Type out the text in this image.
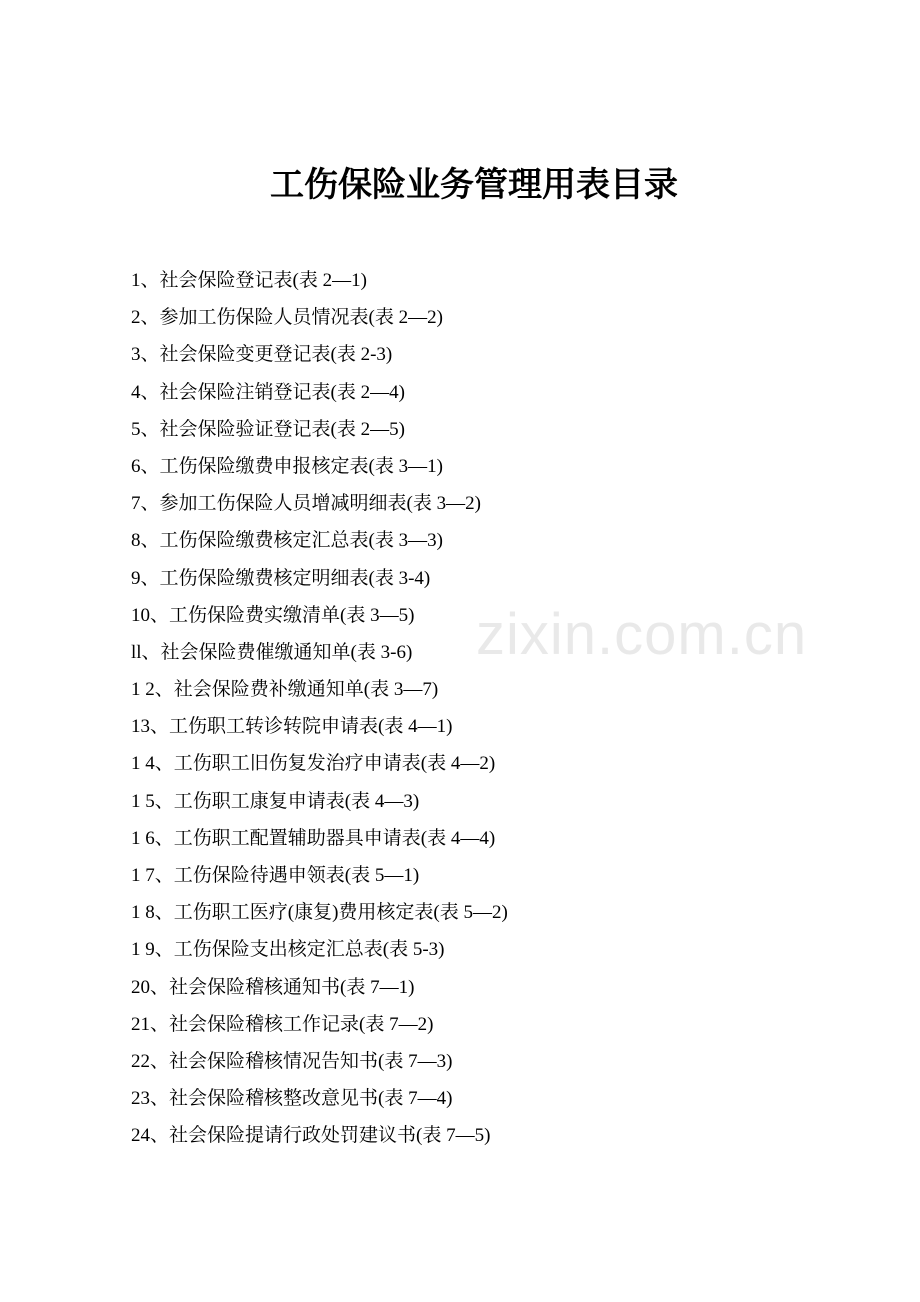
zixin.com.cn
工伤保险业务管理用表目录
1、社会保险登记表(表 2—1)
2、参加工伤保险人员情况表(表 2—2)
3、社会保险变更登记表(表 2-3)
4、社会保险注销登记表(表 2—4)
5、社会保险验证登记表(表 2—5)
6、工伤保险缴费申报核定表(表 3—1)
7、参加工伤保险人员增减明细表(表 3—2)
8、工伤保险缴费核定汇总表(表 3—3)
9、工伤保险缴费核定明细表(表 3-4)
10、工伤保险费实缴清单(表 3—5)
ll、社会保险费催缴通知单(表 3-6)
1 2、社会保险费补缴通知单(表 3—7)
13、工伤职工转诊转院申请表(表 4—1)
1 4、工伤职工旧伤复发治疗申请表(表 4—2)
1 5、工伤职工康复申请表(表 4—3)
1 6、工伤职工配置辅助器具申请表(表 4—4)
1 7、工伤保险待遇申领表(表 5—1)
1 8、工伤职工医疗(康复)费用核定表(表 5—2)
1 9、工伤保险支出核定汇总表(表 5-3)
20、社会保险稽核通知书(表 7—1)
21、社会保险稽核工作记录(表 7—2)
22、社会保险稽核情况告知书(表 7—3)
23、社会保险稽核整改意见书(表 7—4)
24、社会保险提请行政处罚建议书(表 7—5)
